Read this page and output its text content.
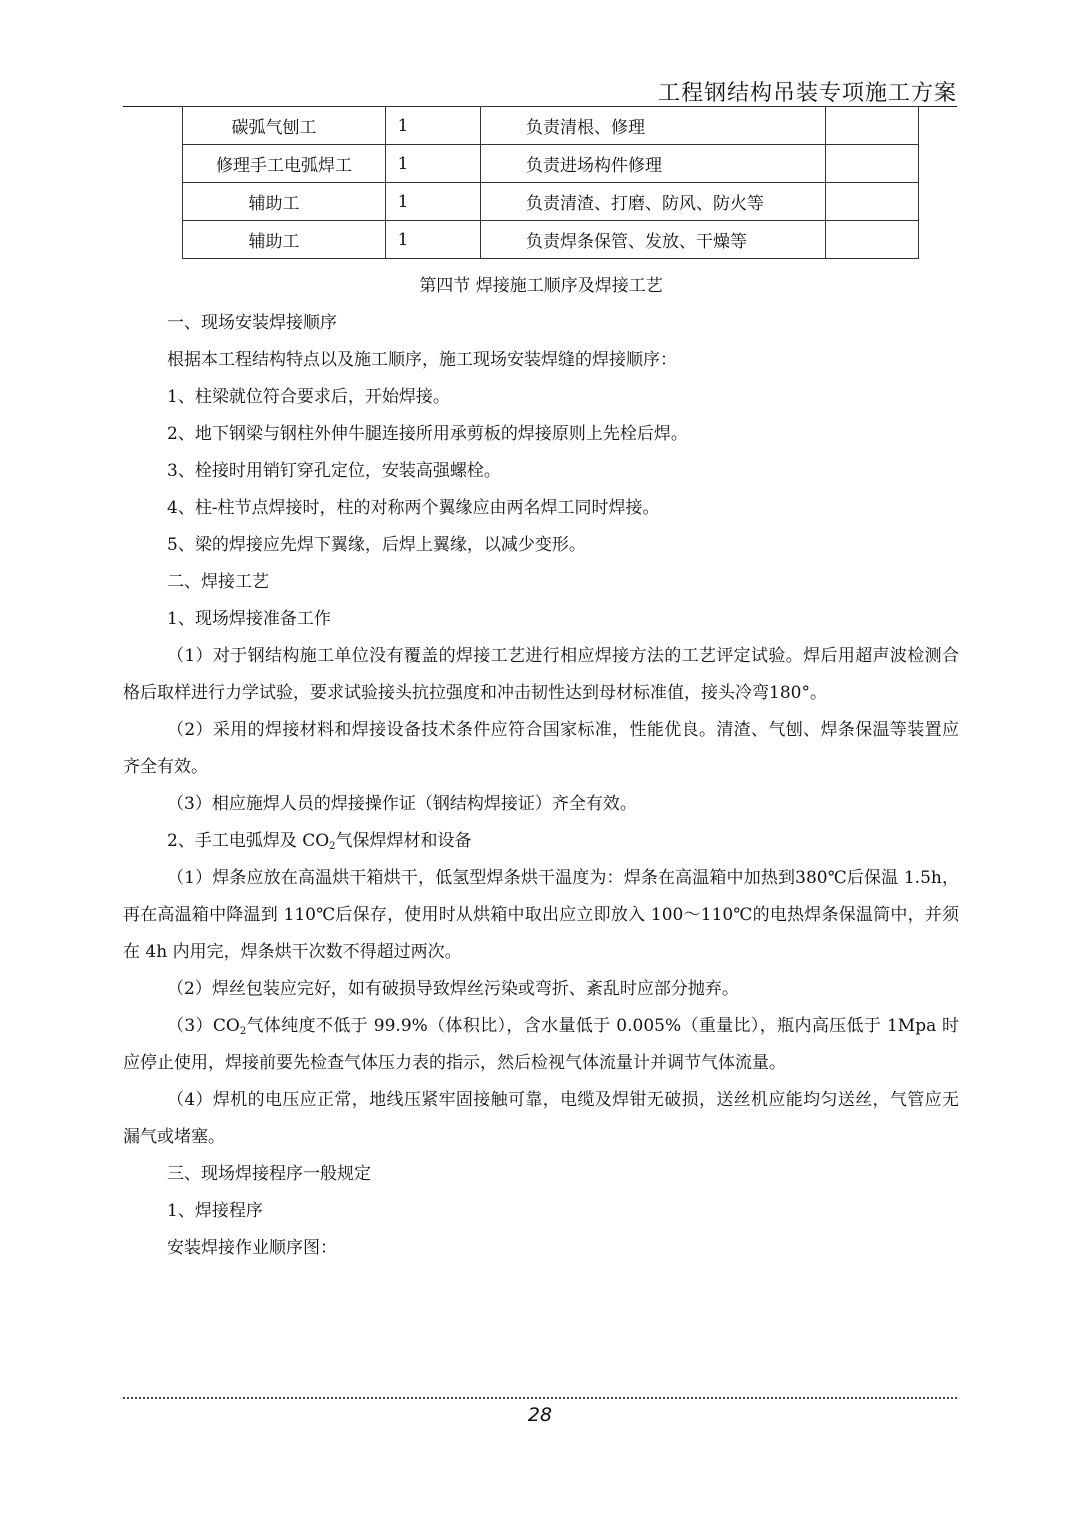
工程钢结构吊装专项施工方案
碳弧气刨工	1	负责清根、修理	
修理手工电弧焊工	1	负责进场构件修理	
辅助工	1	负责清渣、打磨、防风、防火等	
辅助工	1	负责焊条保管、发放、干燥等	

第四节 焊接施工顺序及焊接工艺

一、现场安装焊接顺序

根据本工程结构特点以及施工顺序，施工现场安装焊缝的焊接顺序：

1、柱梁就位符合要求后，开始焊接。

2、地下钢梁与钢柱外伸牛腿连接所用承剪板的焊接原则上先栓后焊。

3、栓接时用销钉穿孔定位，安装高强螺栓。

4、柱-柱节点焊接时，柱的对称两个翼缘应由两名焊工同时焊接。

5、梁的焊接应先焊下翼缘，后焊上翼缘，以减少变形。

二、焊接工艺

1、现场焊接准备工作

（1）对于钢结构施工单位没有覆盖的焊接工艺进行相应焊接方法的工艺评定试验。焊后用超声波检测合格后取样进行力学试验，要求试验接头抗拉强度和冲击韧性达到母材标准值，接头冷弯180°。

（2）采用的焊接材料和焊接设备技术条件应符合国家标准，性能优良。清渣、气刨、焊条保温等装置应齐全有效。

（3）相应施焊人员的焊接操作证（钢结构焊接证）齐全有效。

2、手工电弧焊及 $CO_2$气保焊焊材和设备

（1）焊条应放在高温烘干箱烘干，低氢型焊条烘干温度为：焊条在高温箱中加热到380℃后保温 1.5h，再在高温箱中降温到 110℃后保存，使用时从烘箱中取出应立即放入 100～110℃的电热焊条保温筒中，并须在 4h 内用完，焊条烘干次数不得超过两次。

（2）焊丝包装应完好，如有破损导致焊丝污染或弯折、紊乱时应部分抛弃。

$(3)CO_2$气体纯度不低于 99.9%（体积比），含水量低于 0.005%（重量比），瓶内高压低于 1Mpa 时应停止使用，焊接前要先检查气体压力表的指示，然后检视气体流量计并调节气体流量。

（4）焊机的电压应正常，地线压紧牢固接触可靠，电缆及焊钳无破损，送丝机应能均匀送丝，气管应无漏气或堵塞。

三、现场焊接程序一般规定

1、焊接程序

安装焊接作业顺序图：

28
